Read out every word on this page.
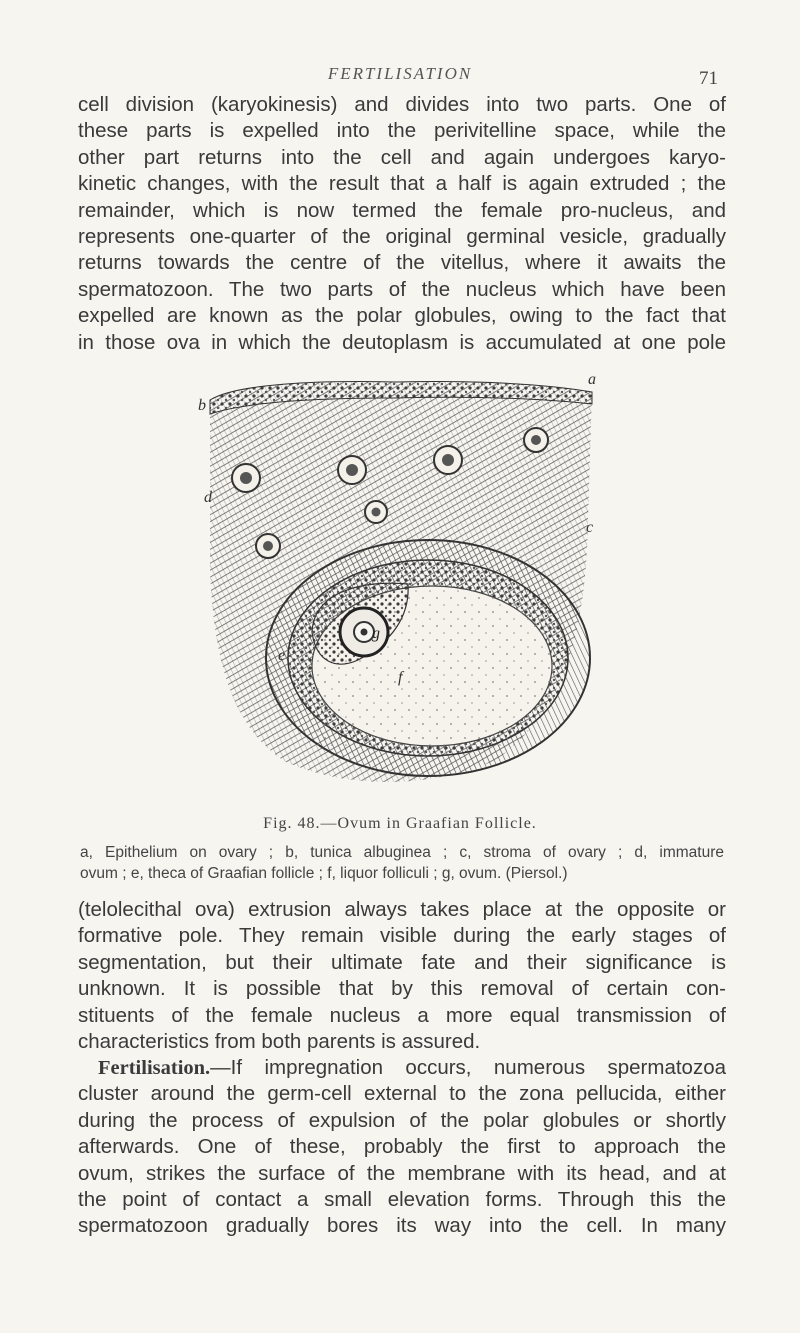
FERTILISATION	71
cell division (karyokinesis) and divides into two parts. One of
these parts is expelled into the perivitelline space, while the
other part returns into the cell and again undergoes karyo-
kinetic changes, with the result that a half is again extruded ; the
remainder, which is now termed the female pro-nucleus, and
represents one-quarter of the original germinal vesicle, gradually
returns towards the centre of the vitellus, where it awaits the
spermatozoon. The two parts of the nucleus which have been
expelled are known as the polar globules, owing to the fact that
in those ova in which the deutoplasm is accumulated at one pole
a
b
c
d
e
f
g
Fig. 48.—Ovum in Graafian Follicle.
a, Epithelium on ovary ; b, tunica albuginea ; c, stroma of ovary ; d, immature
ovum ; e, theca of Graafian follicle ; f, liquor folliculi ; g, ovum. (Piersol.)
(telolecithal ova) extrusion always takes place at the opposite or
formative pole. They remain visible during the early stages of
segmentation, but their ultimate fate and their significance is
unknown. It is possible that by this removal of certain con-
stituents of the female nucleus a more equal transmission of
characteristics from both parents is assured.
Fertilisation.—If impregnation occurs, numerous spermatozoa
cluster around the germ-cell external to the zona pellucida, either
during the process of expulsion of the polar globules or shortly
afterwards. One of these, probably the first to approach the
ovum, strikes the surface of the membrane with its head, and at
the point of contact a small elevation forms. Through this the
spermatozoon gradually bores its way into the cell. In many
